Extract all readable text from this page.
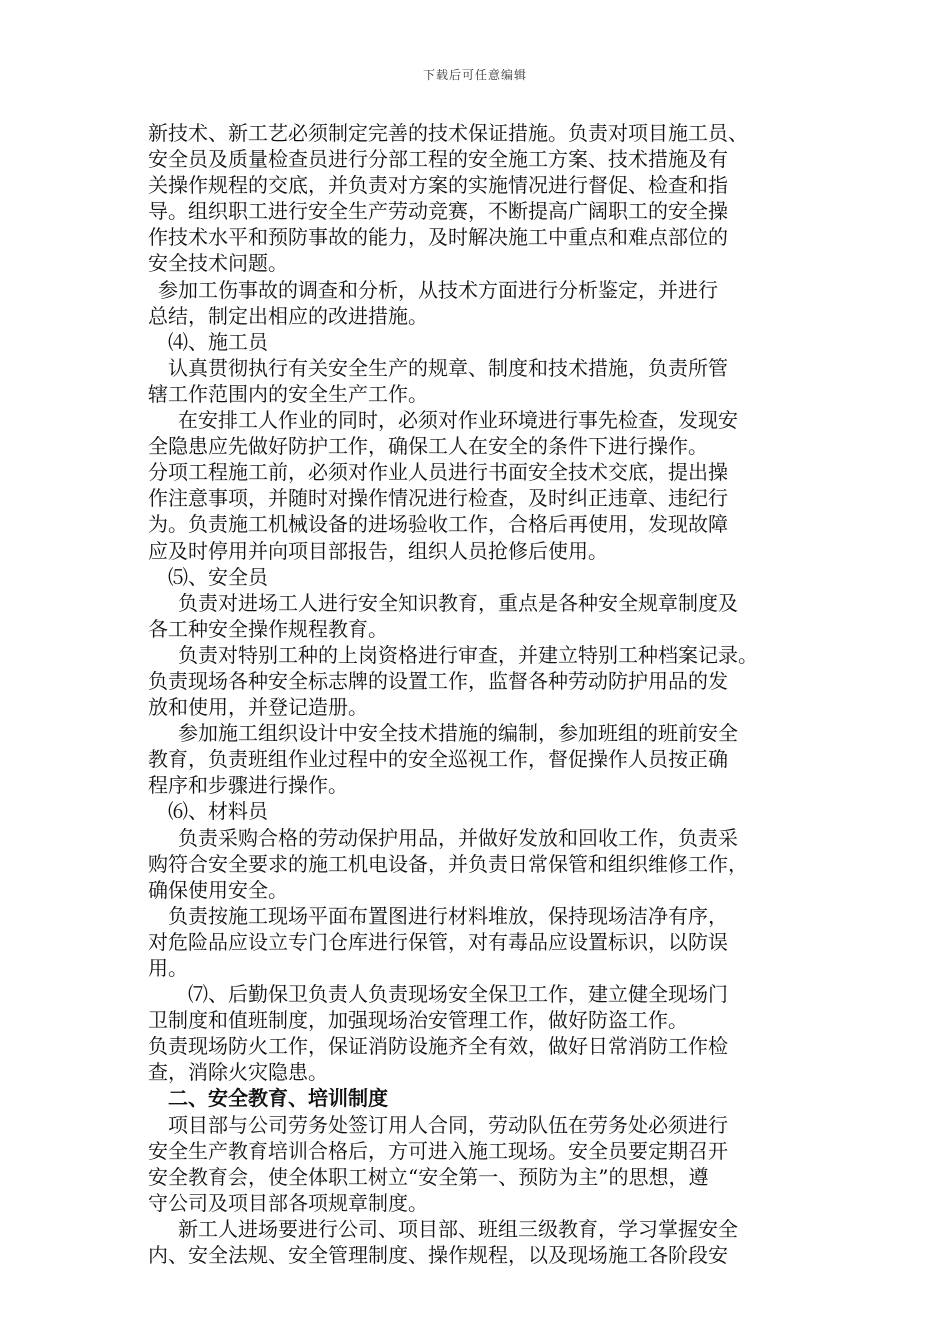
下载后可任意编辑
新技术、新工艺必须制定完善的技术保证措施。负责对项目施工员、
安全员及质量检查员进行分部工程的安全施工方案、技术措施及有
关操作规程的交底，并负责对方案的实施情况进行督促、检查和指
导。组织职工进行安全生产劳动竞赛，不断提高广阔职工的安全操
作技术水平和预防事故的能力，及时解决施工中重点和难点部位的
安全技术问题。
参加工伤事故的调查和分析，从技术方面进行分析鉴定，并进行
总结，制定出相应的改进措施。
⑷、施工员
认真贯彻执行有关安全生产的规章、制度和技术措施，负责所管
辖工作范围内的安全生产工作。
在安排工人作业的同时，必须对作业环境进行事先检查，发现安
全隐患应先做好防护工作，确保工人在安全的条件下进行操作。
分项工程施工前，必须对作业人员进行书面安全技术交底，提出操
作注意事项，并随时对操作情况进行检查，及时纠正违章、违纪行
为。负责施工机械设备的进场验收工作，合格后再使用，发现故障
应及时停用并向项目部报告，组织人员抢修后使用。
⑸、安全员
负责对进场工人进行安全知识教育，重点是各种安全规章制度及
各工种安全操作规程教育。
负责对特别工种的上岗资格进行审查，并建立特别工种档案记录。
负责现场各种安全标志牌的设置工作，监督各种劳动防护用品的发
放和使用，并登记造册。
参加施工组织设计中安全技术措施的编制，参加班组的班前安全
教育，负责班组作业过程中的安全巡视工作，督促操作人员按正确
程序和步骤进行操作。
⑹、材料员
负责采购合格的劳动保护用品，并做好发放和回收工作，负责采
购符合安全要求的施工机电设备，并负责日常保管和组织维修工作，
确保使用安全。
负责按施工现场平面布置图进行材料堆放，保持现场洁净有序，
对危险品应设立专门仓库进行保管，对有毒品应设置标识，以防误
用。
⑺、后勤保卫负责人负责现场安全保卫工作，建立健全现场门
卫制度和值班制度，加强现场治安管理工作，做好防盗工作。
负责现场防火工作，保证消防设施齐全有效，做好日常消防工作检
查，消除火灾隐患。
二、安全教育、培训制度
项目部与公司劳务处签订用人合同，劳动队伍在劳务处必须进行
安全生产教育培训合格后，方可进入施工现场。安全员要定期召开
安全教育会，使全体职工树立“安全第一、预防为主”的思想，遵
守公司及项目部各项规章制度。
新工人进场要进行公司、项目部、班组三级教育，学习掌握安全
内、安全法规、安全管理制度、操作规程，以及现场施工各阶段安
